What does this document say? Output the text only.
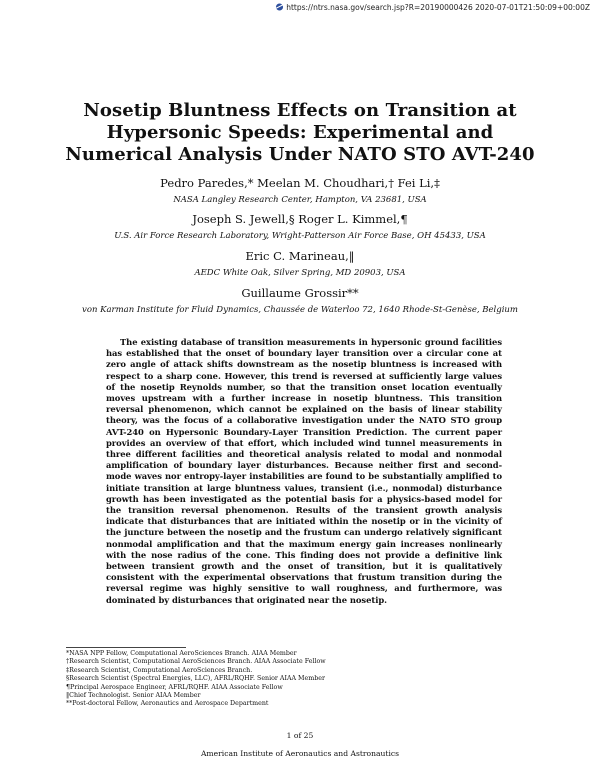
https://ntrs.nasa.gov/search.jsp?R=20190000426 2020-07-01T21:50:09+00:00Z
Nosetip Bluntness Effects on Transition at Hypersonic Speeds: Experimental and Numerical Analysis Under NATO STO AVT-240
Pedro Paredes,* Meelan M. Choudhari,† Fei Li,‡
NASA Langley Research Center, Hampton, VA 23681, USA
Joseph S. Jewell,§ Roger L. Kimmel,¶
U.S. Air Force Research Laboratory, Wright-Patterson Air Force Base, OH 45433, USA
Eric C. Marineau,‖
AEDC White Oak, Silver Spring, MD 20903, USA
Guillaume Grossir**
von Karman Institute for Fluid Dynamics, Chaussée de Waterloo 72, 1640 Rhode-St-Genèse, Belgium

The existing database of transition measurements in hypersonic ground facilities has established that the onset of boundary layer transition over a circular cone at zero angle of attack shifts downstream as the nosetip bluntness is increased with respect to a sharp cone. However, this trend is reversed at sufficiently large values of the nosetip Reynolds number, so that the transition onset location eventually moves upstream with a further increase in nosetip bluntness. This transition reversal phenomenon, which cannot be explained on the basis of linear stability theory, was the focus of a collaborative investigation under the NATO STO group AVT-240 on Hypersonic Boundary-Layer Transition Prediction. The current paper provides an overview of that effort, which included wind tunnel measurements in three different facilities and theoretical analysis related to modal and nonmodal amplification of boundary layer disturbances. Because neither first and second-mode waves nor entropy-layer instabilities are found to be substantially amplified to initiate transition at large bluntness values, transient (i.e., nonmodal) disturbance growth has been investigated as the potential basis for a physics-based model for the transition reversal phenomenon. Results of the transient growth analysis indicate that disturbances that are initiated within the nosetip or in the vicinity of the juncture between the nosetip and the frustum can undergo relatively significant nonmodal amplification and that the maximum energy gain increases nonlinearly with the nose radius of the cone. This finding does not provide a definitive link between transient growth and the onset of transition, but it is qualitatively consistent with the experimental observations that frustum transition during the reversal regime was highly sensitive to wall roughness, and furthermore, was dominated by disturbances that originated near the nosetip.

*NASA NPP Fellow, Computational AeroSciences Branch. AIAA Member
†Research Scientist, Computational AeroSciences Branch. AIAA Associate Fellow
‡Research Scientist, Computational AeroSciences Branch.
§Research Scientist (Spectral Energies, LLC), AFRL/RQHF. Senior AIAA Member
¶Principal Aerospace Engineer, AFRL/RQHF. AIAA Associate Fellow
‖Chief Technologist. Senior AIAA Member
**Post-doctoral Fellow, Aeronautics and Aerospace Department
1 of 25
American Institute of Aeronautics and Astronautics
